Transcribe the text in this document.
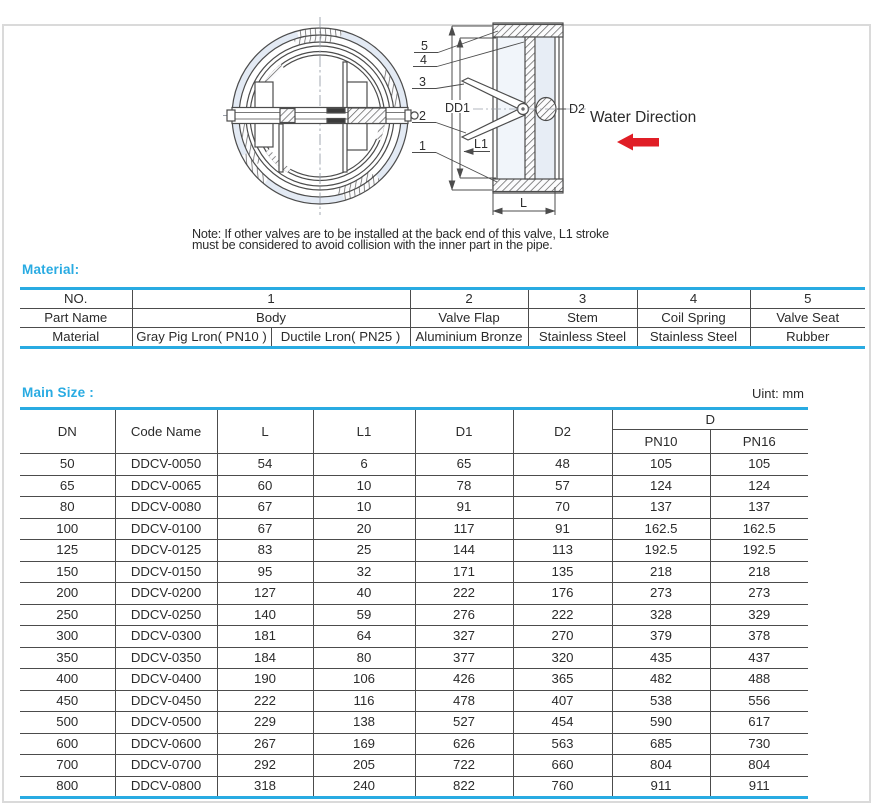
5
4
3
2
1
DD1	D2
L1
L
Water Direction
Note: If other valves are to be installed at the back end of this valve, L1 stroke
must be considered to avoid collision with the inner part in the pipe.
Material:
NO.	1		2	3	4	5
Part Name	Body		Valve Flap	Stem	Coil Spring	Valve Seat
Material	Gray Pig Lron( PN10 )	Ductile Lron( PN25 )	Aluminium Bronze	Stainless Steel	Stainless Steel	Rubber
Main Size :	Uint: mm
DN	Code Name	L	L1	D1	D2	D	
						PN10	PN16
50	DDCV-0050	54	6	65	48	105	105
65	DDCV-0065	60	10	78	57	124	124
80	DDCV-0080	67	10	91	70	137	137
100	DDCV-0100	67	20	117	91	162.5	162.5
125	DDCV-0125	83	25	144	113	192.5	192.5
150	DDCV-0150	95	32	171	135	218	218
200	DDCV-0200	127	40	222	176	273	273
250	DDCV-0250	140	59	276	222	328	329
300	DDCV-0300	181	64	327	270	379	378
350	DDCV-0350	184	80	377	320	435	437
400	DDCV-0400	190	106	426	365	482	488
450	DDCV-0450	222	116	478	407	538	556
500	DDCV-0500	229	138	527	454	590	617
600	DDCV-0600	267	169	626	563	685	730
700	DDCV-0700	292	205	722	660	804	804
800	DDCV-0800	318	240	822	760	911	911
